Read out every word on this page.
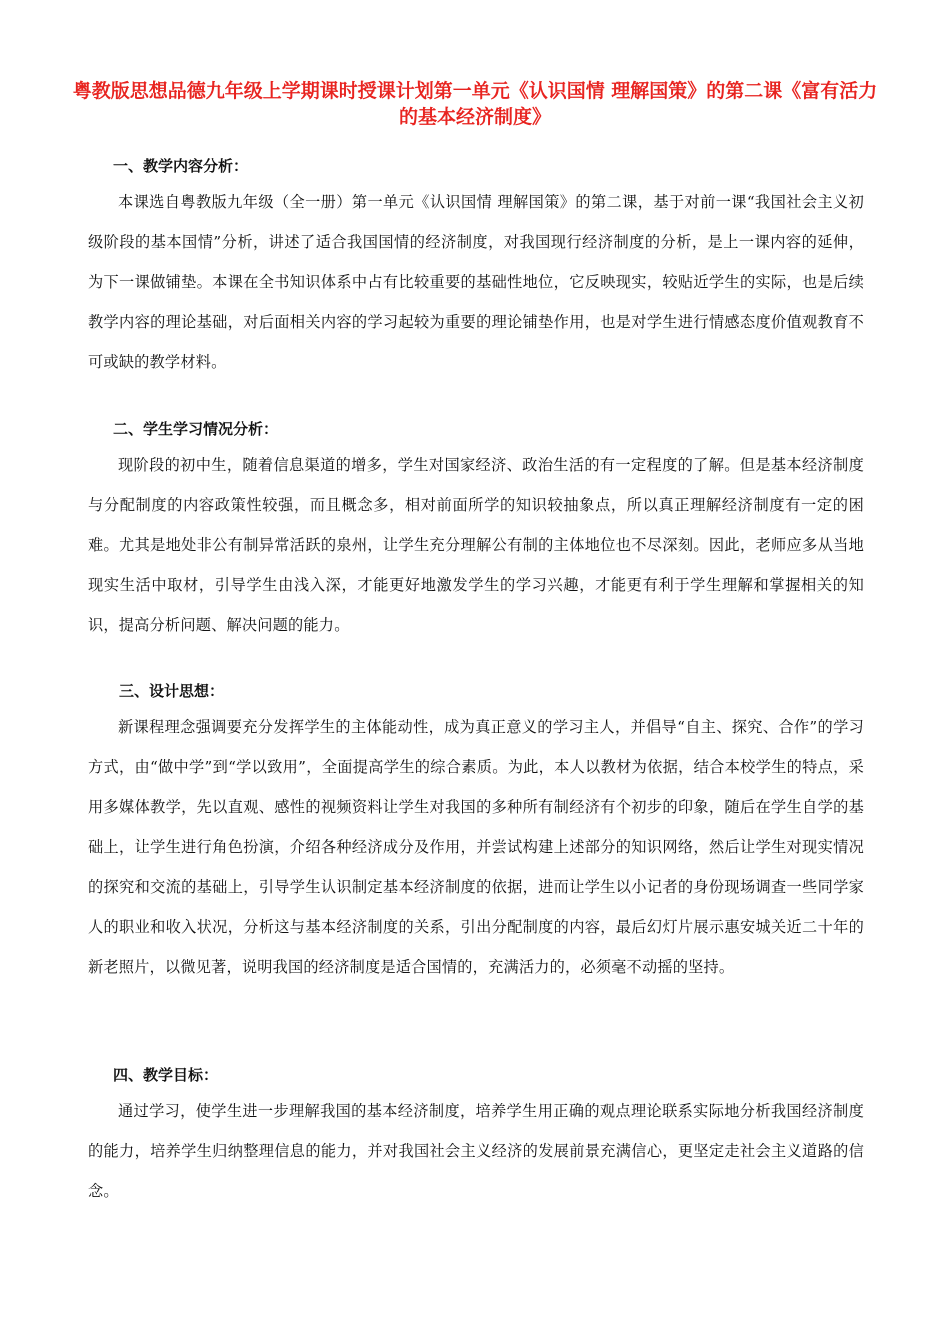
粤教版思想品德九年级上学期课时授课计划第一单元《认识国情 理解国策》的第二课《富有活力的基本经济制度》
一、教学内容分析：

本课选自粤教版九年级（全一册）第一单元《认识国情 理解国策》的第二课，基于对前一课“我国社会主义初级阶段的基本国情”分析，讲述了适合我国国情的经济制度，对我国现行经济制度的分析，是上一课内容的延伸，为下一课做铺垫。本课在全书知识体系中占有比较重要的基础性地位，它反映现实，较贴近学生的实际，也是后续教学内容的理论基础，对后面相关内容的学习起较为重要的理论铺垫作用，也是对学生进行情感态度价值观教育不可或缺的教学材料。

二、学生学习情况分析：

现阶段的初中生，随着信息渠道的增多，学生对国家经济、政治生活的有一定程度的了解。但是基本经济制度与分配制度的内容政策性较强，而且概念多，相对前面所学的知识较抽象点，所以真正理解经济制度有一定的困难。尤其是地处非公有制异常活跃的泉州，让学生充分理解公有制的主体地位也不尽深刻。因此，老师应多从当地现实生活中取材，引导学生由浅入深，才能更好地激发学生的学习兴趣，才能更有利于学生理解和掌握相关的知识，提高分析问题、解决问题的能力。

三、设计思想：

新课程理念强调要充分发挥学生的主体能动性，成为真正意义的学习主人，并倡导“自主、探究、合作”的学习方式，由“做中学”到“学以致用”，全面提高学生的综合素质。为此，本人以教材为依据，结合本校学生的特点，采用多媒体教学，先以直观、感性的视频资料让学生对我国的多种所有制经济有个初步的印象，随后在学生自学的基础上，让学生进行角色扮演，介绍各种经济成分及作用，并尝试构建上述部分的知识网络，然后让学生对现实情况的探究和交流的基础上，引导学生认识制定基本经济制度的依据，进而让学生以小记者的身份现场调查一些同学家人的职业和收入状况，分析这与基本经济制度的关系，引出分配制度的内容，最后幻灯片展示惠安城关近二十年的新老照片，以微见著，说明我国的经济制度是适合国情的，充满活力的，必须毫不动摇的坚持。

四、教学目标：

通过学习，使学生进一步理解我国的基本经济制度，培养学生用正确的观点理论联系实际地分析我国经济制度的能力，培养学生归纳整理信息的能力，并对我国社会主义经济的发展前景充满信心，更坚定走社会主义道路的信念。
